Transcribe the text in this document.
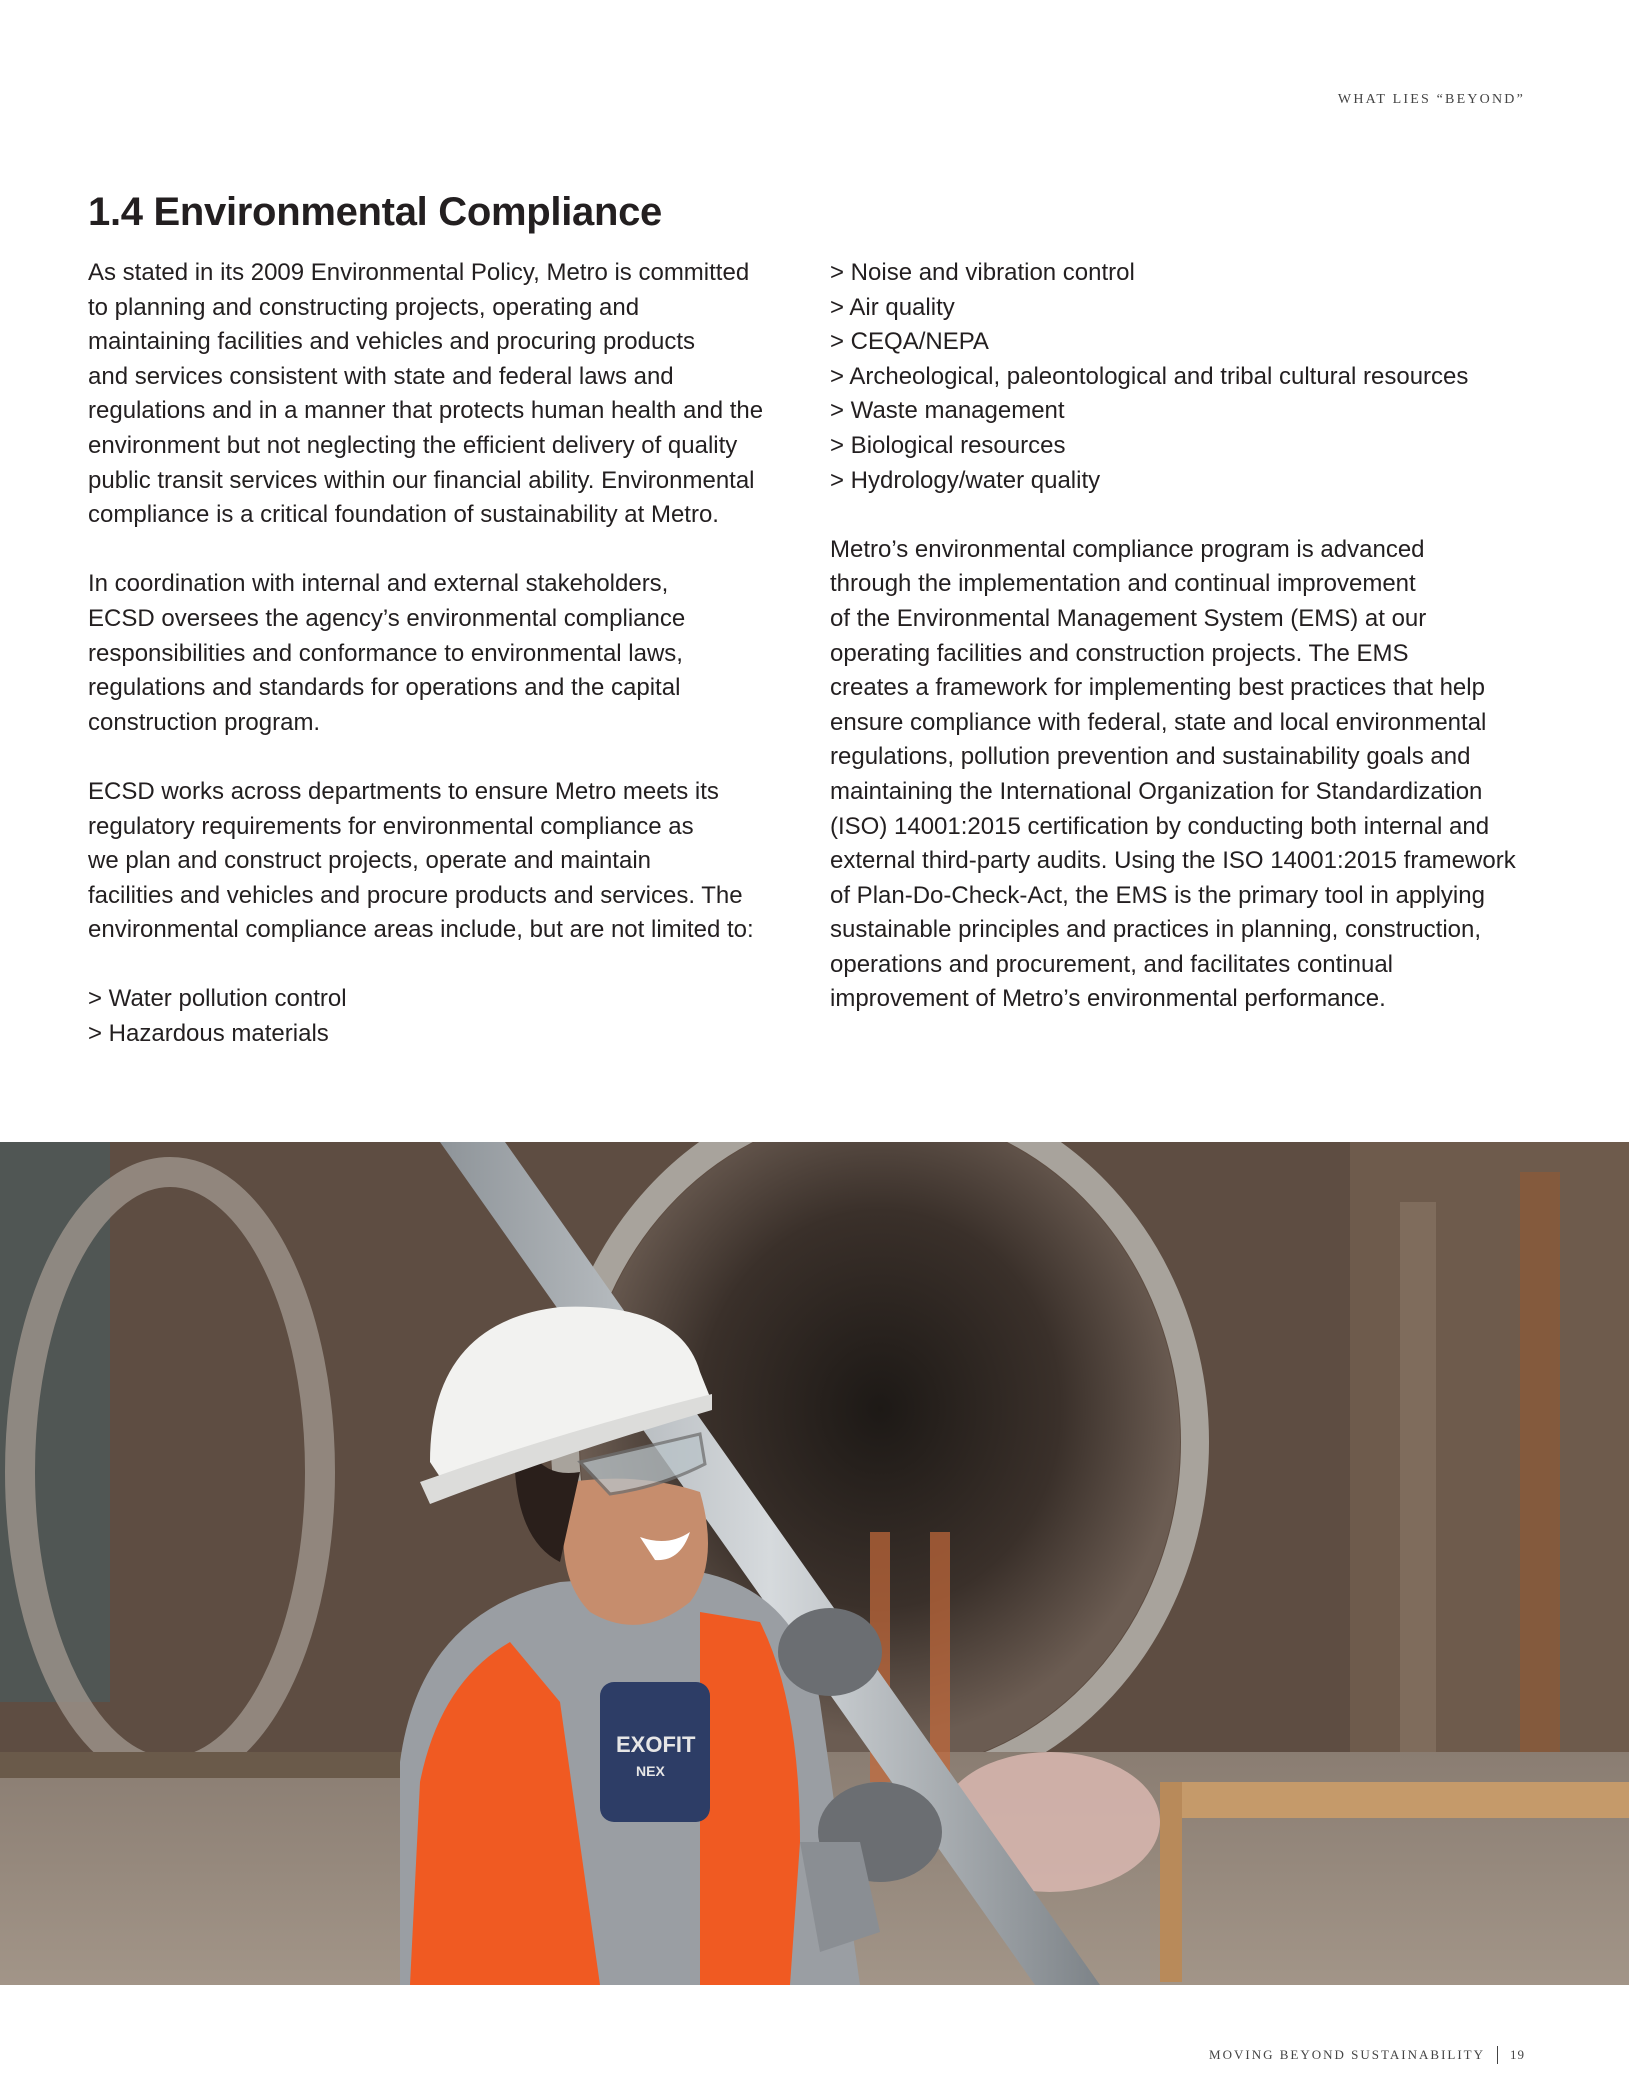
WHAT LIES “BEYOND”
1.4 Environmental Compliance

As stated in its 2009 Environmental Policy, Metro is committed
to planning and constructing projects, operating and
maintaining facilities and vehicles and procuring products
and services consistent with state and federal laws and
regulations and in a manner that protects human health and the
environment but not neglecting the efficient delivery of quality
public transit services within our financial ability. Environmental
compliance is a critical foundation of sustainability at Metro.

In coordination with internal and external stakeholders,
ECSD oversees the agency’s environmental compliance
responsibilities and conformance to environmental laws,
regulations and standards for operations and the capital
construction program.

ECSD works across departments to ensure Metro meets its
regulatory requirements for environmental compliance as
we plan and construct projects, operate and maintain
facilities and vehicles and procure products and services. The
environmental compliance areas include, but are not limited to:

> Water pollution control
> Hazardous materials
> Noise and vibration control
> Air quality
> CEQA/NEPA
> Archeological, paleontological and tribal cultural resources
> Waste management
> Biological resources
> Hydrology/water quality

Metro’s environmental compliance program is advanced
through the implementation and continual improvement
of the Environmental Management System (EMS) at our
operating facilities and construction projects. The EMS
creates a framework for implementing best practices that help
ensure compliance with federal, state and local environmental
regulations, pollution prevention and sustainability goals and
maintaining the International Organization for Standardization
(ISO) 14001:2015 certification by conducting both internal and
external third-party audits. Using the ISO 14001:2015 framework
of Plan-Do-Check-Act, the EMS is the primary tool in applying
sustainable principles and practices in planning, construction,
operations and procurement, and facilitates continual
improvement of Metro’s environmental performance.

EXOFIT
NEX
MOVING BEYOND SUSTAINABILITY 19
